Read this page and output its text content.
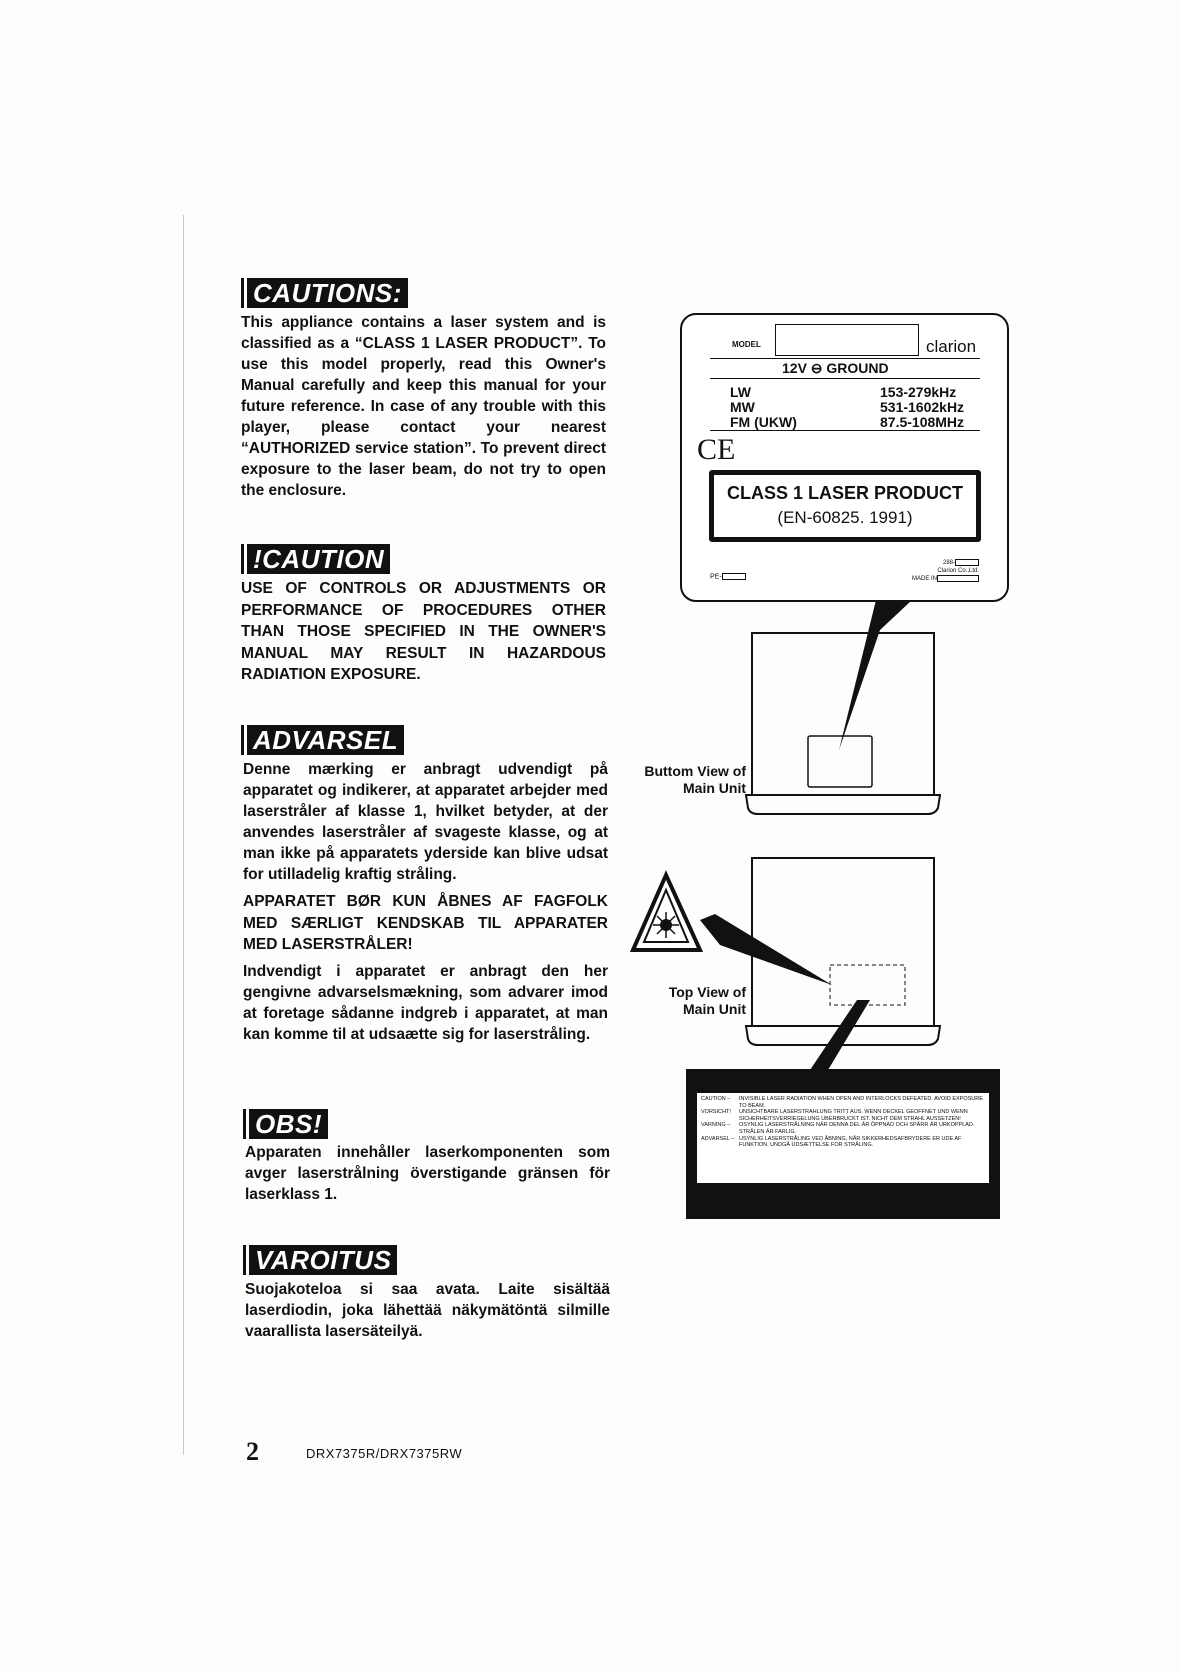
CAUTIONS:
This appliance contains a laser system and is classified as a “CLASS 1 LASER PRODUCT”. To use this model properly, read this Owner's Manual carefully and keep this manual for your future reference. In case of any trouble with this player, please contact your nearest “AUTHORIZED service station”. To prevent direct exposure to the laser beam, do not try to open the enclosure.
!CAUTION
USE OF CONTROLS OR ADJUSTMENTS OR PERFORMANCE OF PROCEDURES OTHER THAN THOSE SPECIFIED IN THE OWNER'S MANUAL MAY RESULT IN HAZARDOUS RADIATION EXPOSURE.
ADVARSEL
Denne mærking er anbragt udvendigt på apparatet og indikerer, at apparatet arbejder med laserstråler af klasse 1, hvilket betyder, at der anvendes laserstråler af svageste klasse, og at man ikke på apparatets yderside kan blive udsat for utilladelig kraftig stråling.
APPARATET BØR KUN ÅBNES AF FAGFOLK MED SÆRLIGT KENDSKAB TIL APPARATER MED LASERSTRÅLER!
Indvendigt i apparatet er anbragt den her gengivne advarselsmækning, som advarer imod at foretage sådanne indgreb i apparatet, at man kan komme til at udsaætte sig for laserstråling.
OBS!
Apparaten innehåller laserkomponenten som avger laserstrålning överstigande gränsen för laserklass 1.
VAROITUS
Suojakoteloa si saa avata. Laite sisältää laserdiodin, joka lähettää näkymätöntä silmille vaarallista lasersäteilyä.
MODEL	clarion
12V ⊖ GROUND
LW	153-279kHz
MW	531-1602kHz
FM (UKW)	87.5-108MHz
CE
CLASS 1 LASER PRODUCT
(EN-60825. 1991)
PE-
288-
Clarion Co.,Ltd.
MADE IN
Buttom View of Main Unit
Top View of Main Unit
CAUTION –	INVISIBLE LASER RADIATION WHEN OPEN AND INTERLOCKS DEFEATED. AVOID EXPOSURE TO BEAM.
VORSICHT!	UNSICHTBARE LASERSTRAHLUNG TRITT AUS. WENN DECKEL GEOFFNET UND WENN SICHERHEITSVERRIEGELUNG UBERBRUCKT IST. NICHT DEM STRAHL AUSSETZEN!
VARNING –	OSYNLIG LASERSTRÅLNING NÄR DENNA DEL ÄR ÖPPNAD OCH SPÄRR ÄR URKOPPLAD. STRÅLEN ÄR FARLIG.
ADVARSEL – USYNLIG LASERSTRÅLING VED ÅBNING, NÅR SIKKERHEDSAFBRYDERE ER UDE AF FUNKTION. UNDGÅ UDSÆTTELSE FOR STRÅLING.
2	DRX7375R/DRX7375RW
